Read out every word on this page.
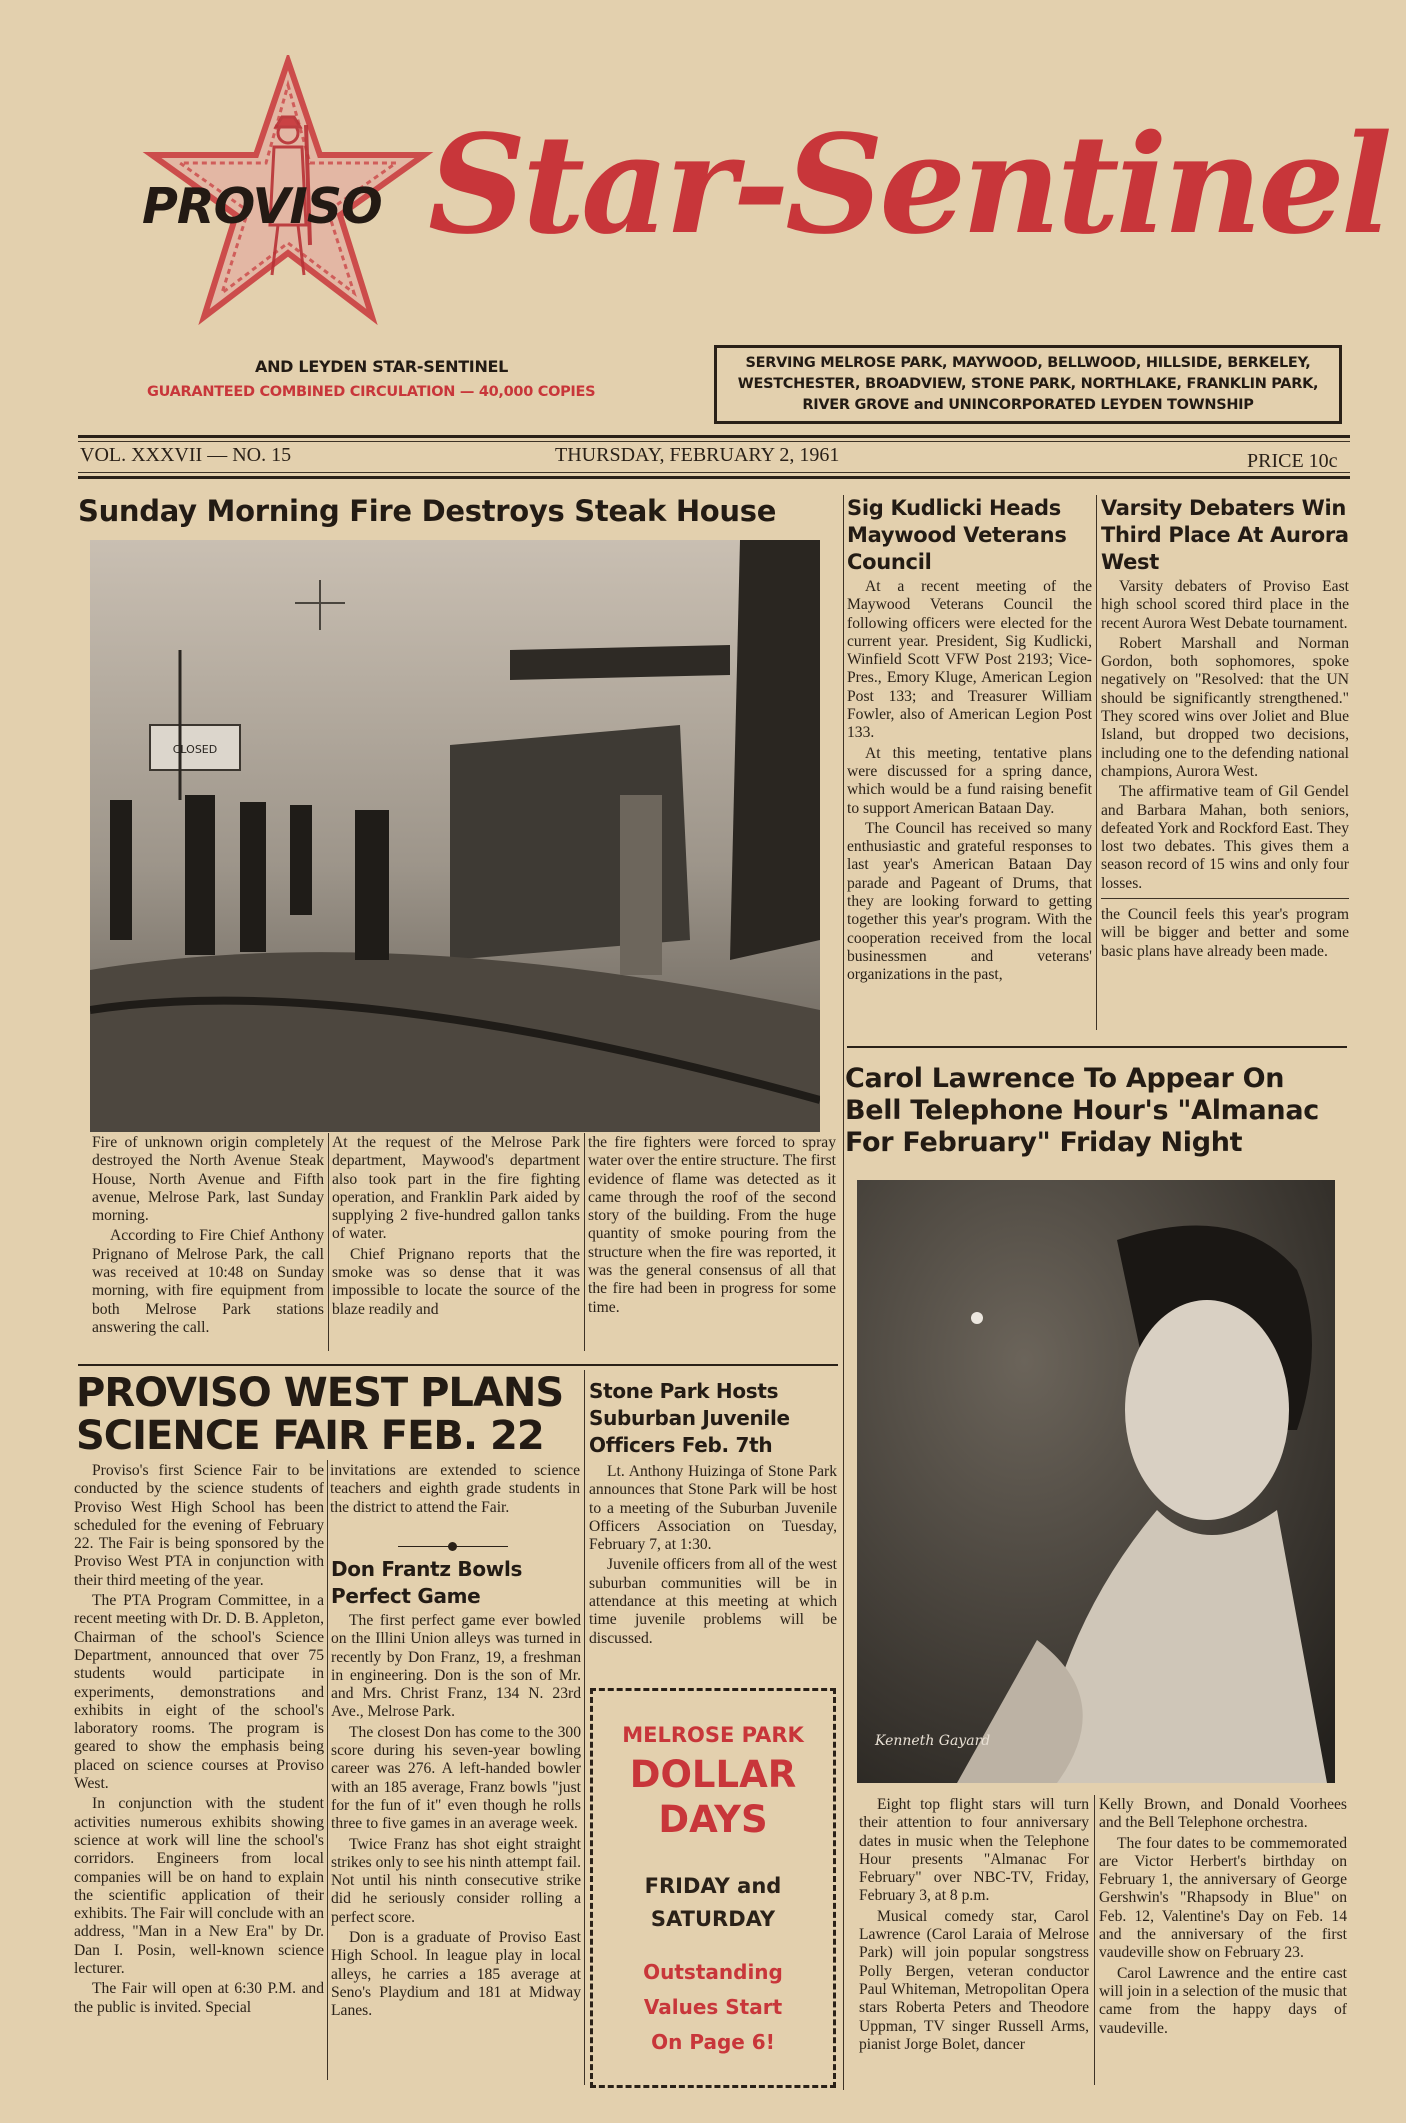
PROVISO Star-Sentinel
AND LEYDEN STAR-SENTINEL
GUARANTEED COMBINED CIRCULATION — 40,000 COPIES
SERVING MELROSE PARK, MAYWOOD, BELLWOOD, HILLSIDE, BERKELEY, WESTCHESTER, BROADVIEW, STONE PARK, NORTHLAKE, FRANKLIN PARK, RIVER GROVE and UNINCORPORATED LEYDEN TOWNSHIP
VOL. XXXVII — NO. 15	THURSDAY, FEBRUARY 2, 1961	PRICE 10c
Sunday Morning Fire Destroys Steak House
CLOSED

Fire of unknown origin completely destroyed the North Avenue Steak House, North Avenue and Fifth avenue, Melrose Park, last Sunday morning.

According to Fire Chief Anthony Prignano of Melrose Park, the call was received at 10:48 on Sunday morning, with fire equipment from both Melrose Park stations answering the call.

At the request of the Melrose Park department, Maywood's department also took part in the fire fighting operation, and Franklin Park aided by supplying 2 five-hundred gallon tanks of water.

Chief Prignano reports that the smoke was so dense that it was impossible to locate the source of the blaze readily and

the fire fighters were forced to spray water over the entire structure. The first evidence of flame was detected as it came through the roof of the second story of the building. From the huge quantity of smoke pouring from the structure when the fire was reported, it was the general consensus of all that the fire had been in progress for some time.

Sig Kudlicki Heads Maywood Veterans Council

At a recent meeting of the Maywood Veterans Council the following officers were elected for the current year. President, Sig Kudlicki, Winfield Scott VFW Post 2193; Vice-Pres., Emory Kluge, American Legion Post 133; and Treasurer William Fowler, also of American Legion Post 133.

At this meeting, tentative plans were discussed for a spring dance, which would be a fund raising benefit to support American Bataan Day.

The Council has received so many enthusiastic and grateful responses to last year's American Bataan Day parade and Pageant of Drums, that they are looking forward to getting together this year's program. With the cooperation received from the local businessmen and veterans' organizations in the past,

Varsity Debaters Win Third Place At Aurora West

Varsity debaters of Proviso East high school scored third place in the recent Aurora West Debate tournament.

Robert Marshall and Norman Gordon, both sophomores, spoke negatively on "Resolved: that the UN should be significantly strengthened." They scored wins over Joliet and Blue Island, but dropped two decisions, including one to the defending national champions, Aurora West.

The affirmative team of Gil Gendel and Barbara Mahan, both seniors, defeated York and Rockford East. They lost two debates. This gives them a season record of 15 wins and only four losses.

the Council feels this year's program will be bigger and better and some basic plans have already been made.

Carol Lawrence To Appear On Bell Telephone Hour's "Almanac For February" Friday Night
Kenneth Gayard

Eight top flight stars will turn their attention to four anniversary dates in music when the Telephone Hour presents "Almanac For February" over NBC-TV, Friday, February 3, at 8 p.m.

Musical comedy star, Carol Lawrence (Carol Laraia of Melrose Park) will join popular songstress Polly Bergen, veteran conductor Paul Whiteman, Metropolitan Opera stars Roberta Peters and Theodore Uppman, TV singer Russell Arms, pianist Jorge Bolet, dancer

Kelly Brown, and Donald Voorhees and the Bell Telephone orchestra.

The four dates to be commemorated are Victor Herbert's birthday on February 1, the anniversary of George Gershwin's "Rhapsody in Blue" on Feb. 12, Valentine's Day on Feb. 14 and the anniversary of the first vaudeville show on February 23.

Carol Lawrence and the entire cast will join in a selection of the music that came from the happy days of vaudeville.

PROVISO WEST PLANS
SCIENCE FAIR FEB. 22

Proviso's first Science Fair to be conducted by the science students of Proviso West High School has been scheduled for the evening of February 22. The Fair is being sponsored by the Proviso West PTA in conjunction with their third meeting of the year.

The PTA Program Committee, in a recent meeting with Dr. D. B. Appleton, Chairman of the school's Science Department, announced that over 75 students would participate in experiments, demonstrations and exhibits in eight of the school's laboratory rooms. The program is geared to show the emphasis being placed on science courses at Proviso West.

In conjunction with the student activities numerous exhibits showing science at work will line the school's corridors. Engineers from local companies will be on hand to explain the scientific application of their exhibits. The Fair will conclude with an address, "Man in a New Era" by Dr. Dan I. Posin, well-known science lecturer.

The Fair will open at 6:30 P.M. and the public is invited. Special

invitations are extended to science teachers and eighth grade students in the district to attend the Fair.

Don Frantz Bowls Perfect Game

The first perfect game ever bowled on the Illini Union alleys was turned in recently by Don Franz, 19, a freshman in engineering. Don is the son of Mr. and Mrs. Christ Franz, 134 N. 23rd Ave., Melrose Park.

The closest Don has come to the 300 score during his seven-year bowling career was 276. A left-handed bowler with an 185 average, Franz bowls "just for the fun of it" even though he rolls three to five games in an average week.

Twice Franz has shot eight straight strikes only to see his ninth attempt fail. Not until his ninth consecutive strike did he seriously consider rolling a perfect score.

Don is a graduate of Proviso East High School. In league play in local alleys, he carries a 185 average at Seno's Playdium and 181 at Midway Lanes.

Stone Park Hosts Suburban Juvenile Officers Feb. 7th

Lt. Anthony Huizinga of Stone Park announces that Stone Park will be host to a meeting of the Suburban Juvenile Officers Association on Tuesday, February 7, at 1:30.

Juvenile officers from all of the west suburban communities will be in attendance at this meeting at which time juvenile problems will be discussed.

MELROSE PARK
DOLLAR
DAYS
FRIDAY and
SATURDAY
Outstanding
Values Start
On Page 6!
